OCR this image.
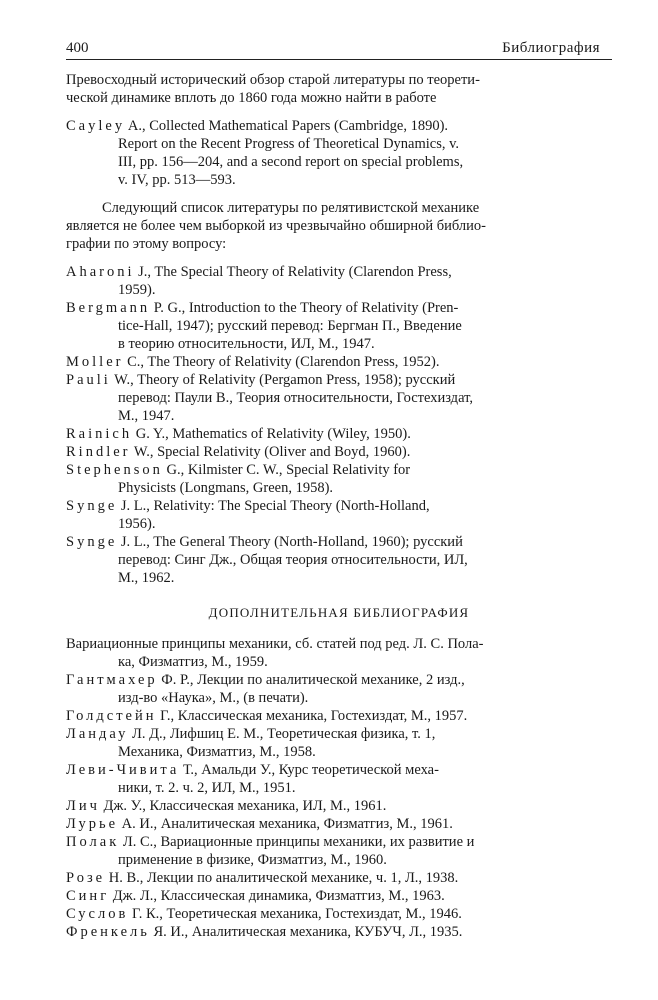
400	Библиография
Превосходный исторический обзор старой литературы по теорети-
ческой динамике вплоть до 1860 года можно найти в работе
Cayley A., Collected Mathematical Papers (Cambridge, 1890).
Report on the Recent Progress of Theoretical Dynamics, v.
III, pp. 156—204, and a second report on special problems,
v. IV, pp. 513—593.
Следующий список литературы по релятивистской механике
является не более чем выборкой из чрезвычайно обширной библио-
графии по этому вопросу:
Aharoni J., The Special Theory of Relativity (Clarendon Press,
1959).
Bergmann P. G., Introduction to the Theory of Relativity (Pren-
tice-Hall, 1947); русский перевод: Бергман П., Введение
в теорию относительности, ИЛ, М., 1947.
Moller C., The Theory of Relativity (Clarendon Press, 1952).
Pauli W., Theory of Relativity (Pergamon Press, 1958); русский
перевод: Паули В., Теория относительности, Гостехиздат,
М., 1947.
Rainich G. Y., Mathematics of Relativity (Wiley, 1950).
Rindler W., Special Relativity (Oliver and Boyd, 1960).
Stephenson G., Kilmister C. W., Special Relativity for
Physicists (Longmans, Green, 1958).
Synge J. L., Relativity: The Special Theory (North-Holland,
1956).
Synge J. L., The General Theory (North-Holland, 1960); русский
перевод: Синг Дж., Общая теория относительности, ИЛ,
М., 1962.
ДОПОЛНИТЕЛЬНАЯ БИБЛИОГРАФИЯ
Вариационные принципы механики, сб. статей под ред. Л. С. Пола-
ка, Физматгиз, М., 1959.
Гантмахер Ф. Р., Лекции по аналитической механике, 2 изд.,
изд-во «Наука», М., (в печати).
Голдстейн Г., Классическая механика, Гостехиздат, М., 1957.
Ландау Л. Д., Лифшиц Е. М., Теоретическая физика, т. 1,
Механика, Физматгиз, М., 1958.
Леви-Чивита Т., Амальди У., Курс теоретической меха-
ники, т. 2. ч. 2, ИЛ, М., 1951.
Лич Дж. У., Классическая механика, ИЛ, М., 1961.
Лурье А. И., Аналитическая механика, Физматгиз, М., 1961.
Полак Л. С., Вариационные принципы механики, их развитие и
применение в физике, Физматгиз, М., 1960.
Розе Н. В., Лекции по аналитической механике, ч. 1, Л., 1938.
Синг Дж. Л., Классическая динамика, Физматгиз, М., 1963.
Суслов Г. К., Теоретическая механика, Гостехиздат, М., 1946.
Френкель Я. И., Аналитическая механика, КУБУЧ, Л., 1935.
